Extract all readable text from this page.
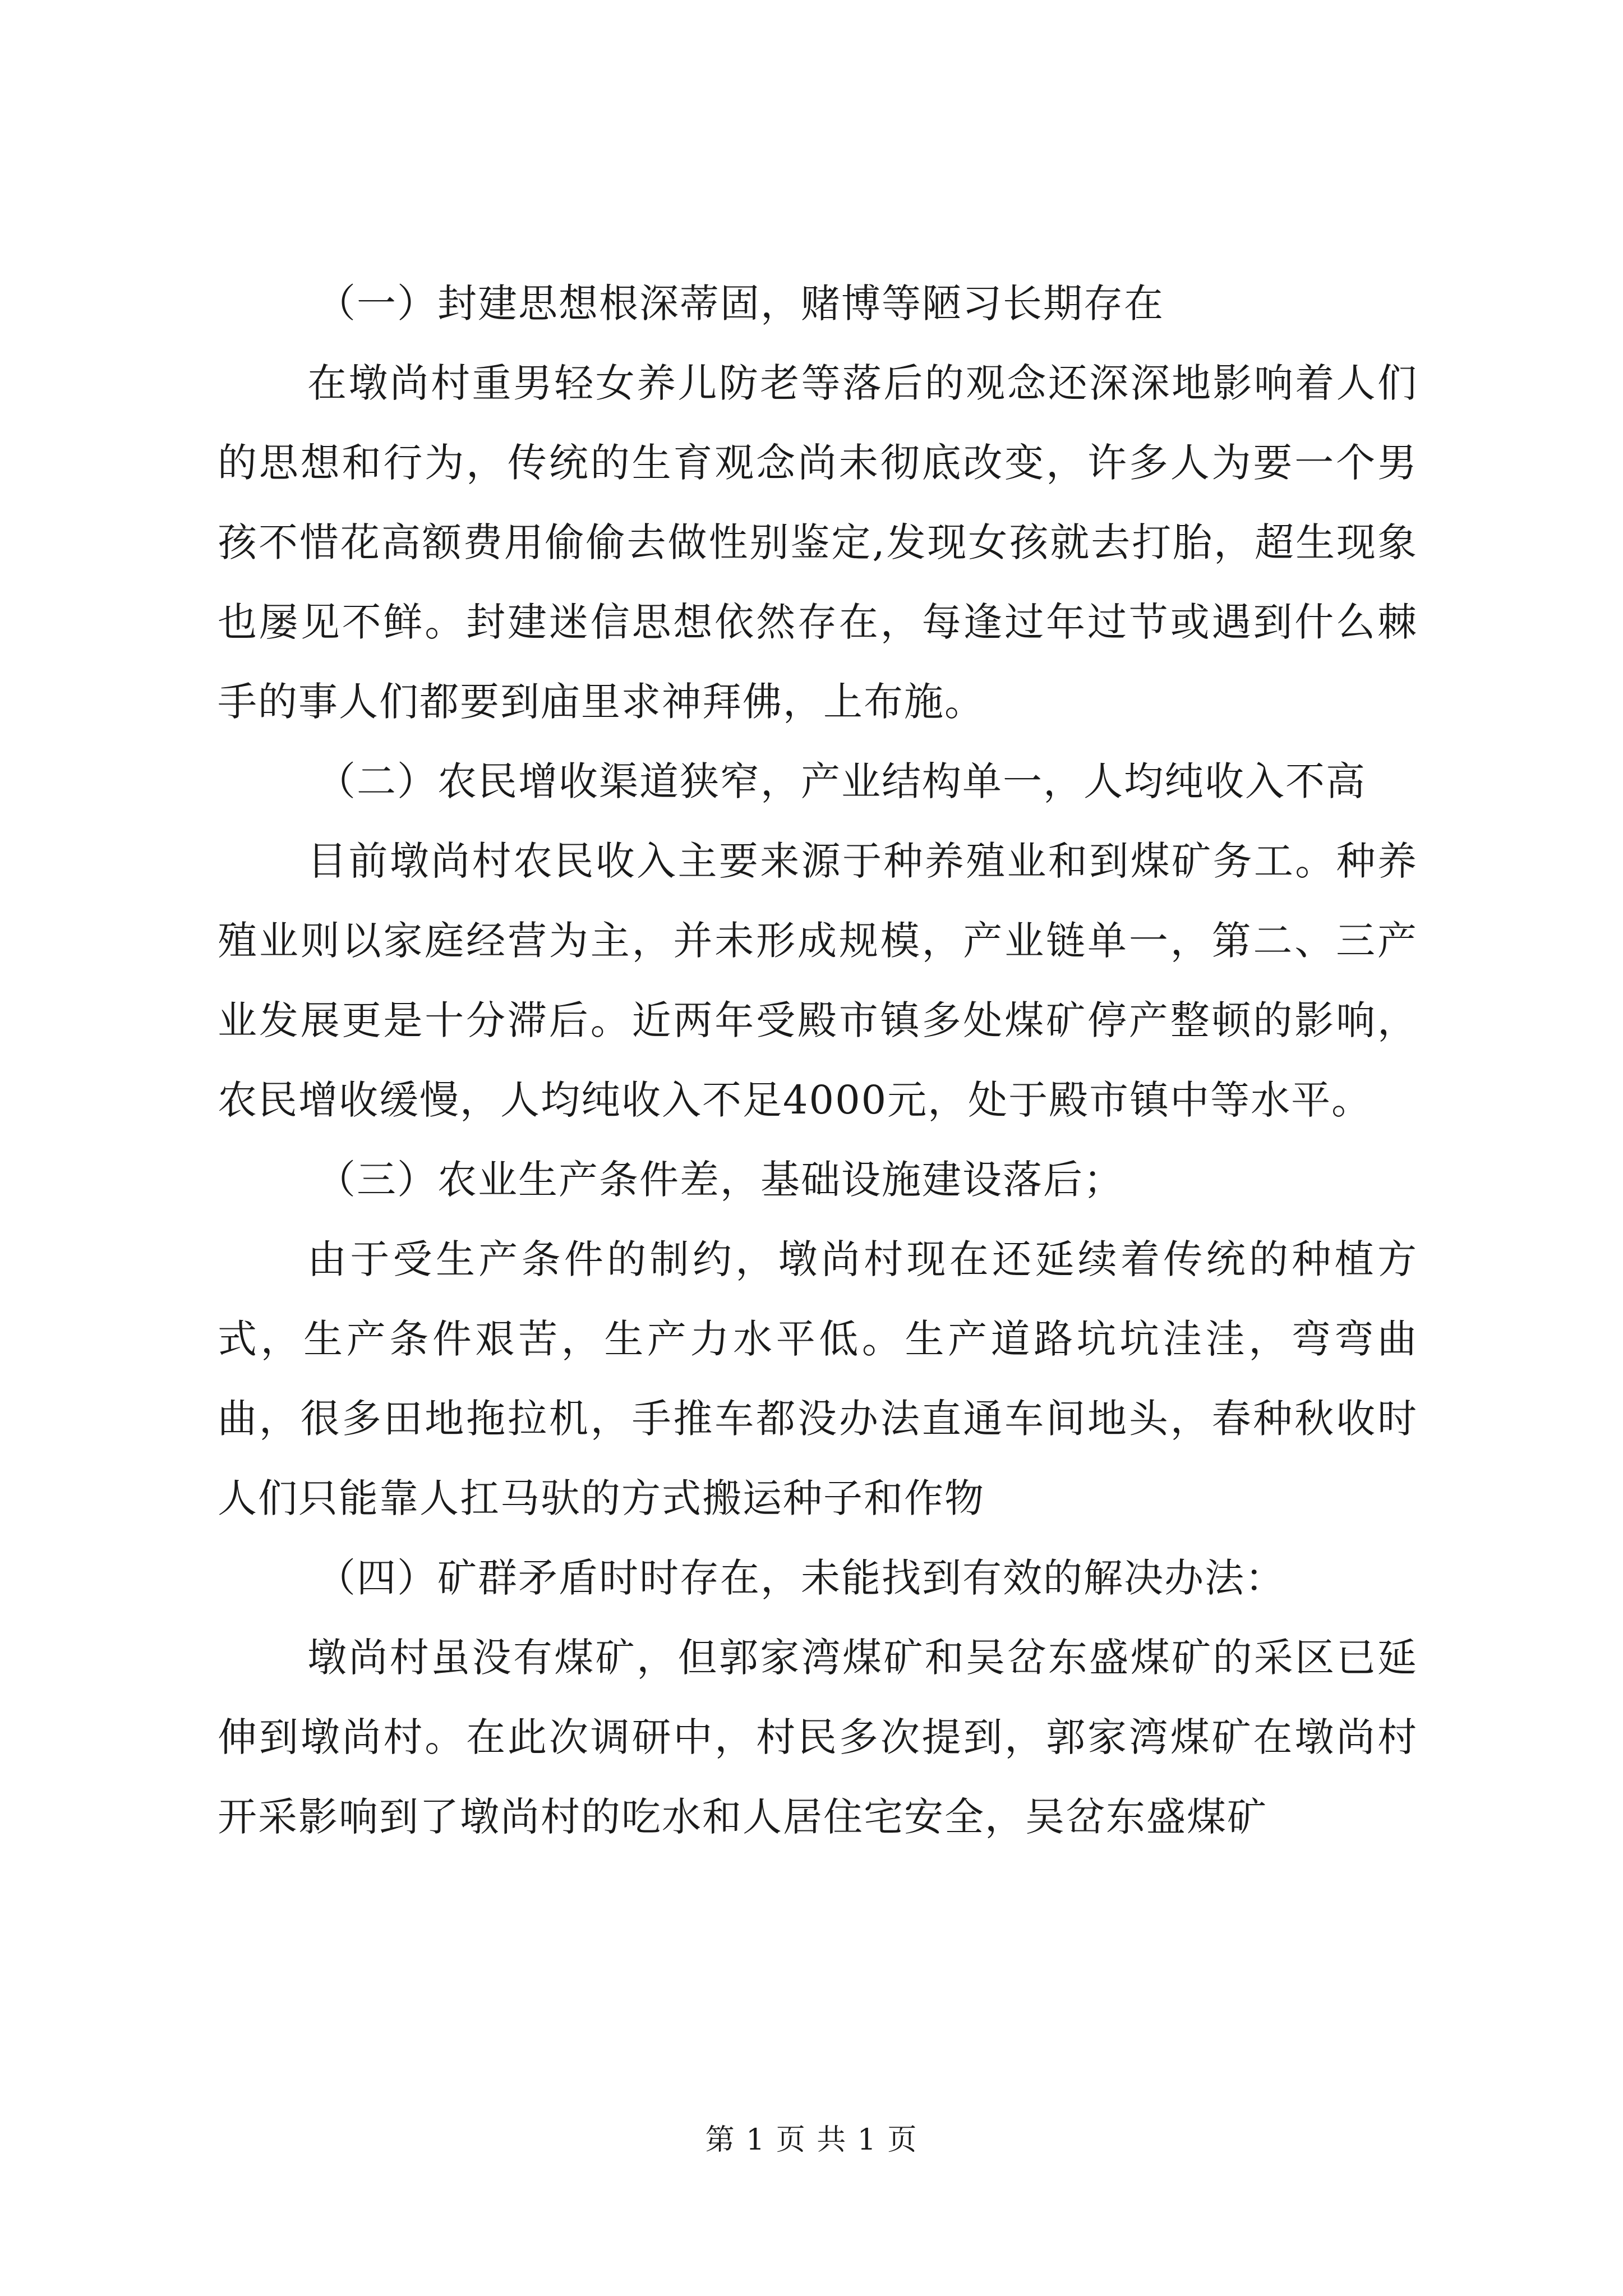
（一）封建思想根深蒂固，赌博等陋习长期存在

在墩尚村重男轻女养儿防老等落后的观念还深深地影响着人们的思想和行为，传统的生育观念尚未彻底改变，许多人为要一个男孩不惜花高额费用偷偷去做性别鉴定,发现女孩就去打胎，超生现象也屡见不鲜。封建迷信思想依然存在，每逢过年过节或遇到什么棘手的事人们都要到庙里求神拜佛，上布施。

（二）农民增收渠道狭窄，产业结构单一，人均纯收入不高

目前墩尚村农民收入主要来源于种养殖业和到煤矿务工。种养殖业则以家庭经营为主，并未形成规模，产业链单一，第二、三产业发展更是十分滞后。近两年受殿市镇多处煤矿停产整顿的影响，农民增收缓慢，人均纯收入不足4000元，处于殿市镇中等水平。

（三）农业生产条件差，基础设施建设落后；

由于受生产条件的制约，墩尚村现在还延续着传统的种植方式，生产条件艰苦，生产力水平低。生产道路坑坑洼洼，弯弯曲曲，很多田地拖拉机，手推车都没办法直通车间地头，春种秋收时人们只能靠人扛马驮的方式搬运种子和作物

（四）矿群矛盾时时存在，未能找到有效的解决办法：

墩尚村虽没有煤矿，但郭家湾煤矿和吴岔东盛煤矿的采区已延伸到墩尚村。在此次调研中，村民多次提到，郭家湾煤矿在墩尚村开采影响到了墩尚村的吃水和人居住宅安全，吴岔东盛煤矿

第 1 页 共 1 页
